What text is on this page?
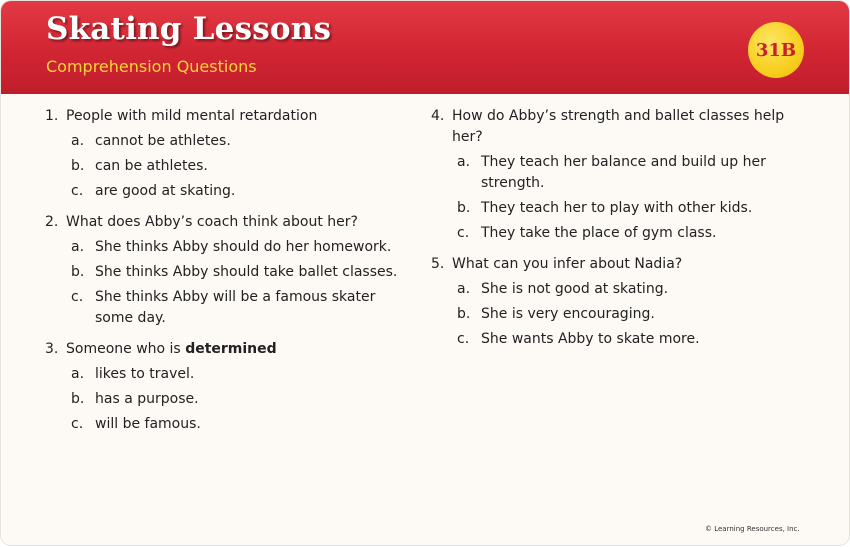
Skating Lessons
Comprehension Questions
31B
1. People with mild mental retardation
a. cannot be athletes.
b. can be athletes.
c. are good at skating.
2. What does Abby’s coach think about her?
a. She thinks Abby should do her homework.
b. She thinks Abby should take ballet classes.
c. She thinks Abby will be a famous skater some day.
3. Someone who is determined
a. likes to travel.
b. has a purpose.
c. will be famous.
4. How do Abby’s strength and ballet classes help her?
a. They teach her balance and build up her strength.
b. They teach her to play with other kids.
c. They take the place of gym class.
5. What can you infer about Nadia?
a. She is not good at skating.
b. She is very encouraging.
c. She wants Abby to skate more.
© Learning Resources, Inc.
